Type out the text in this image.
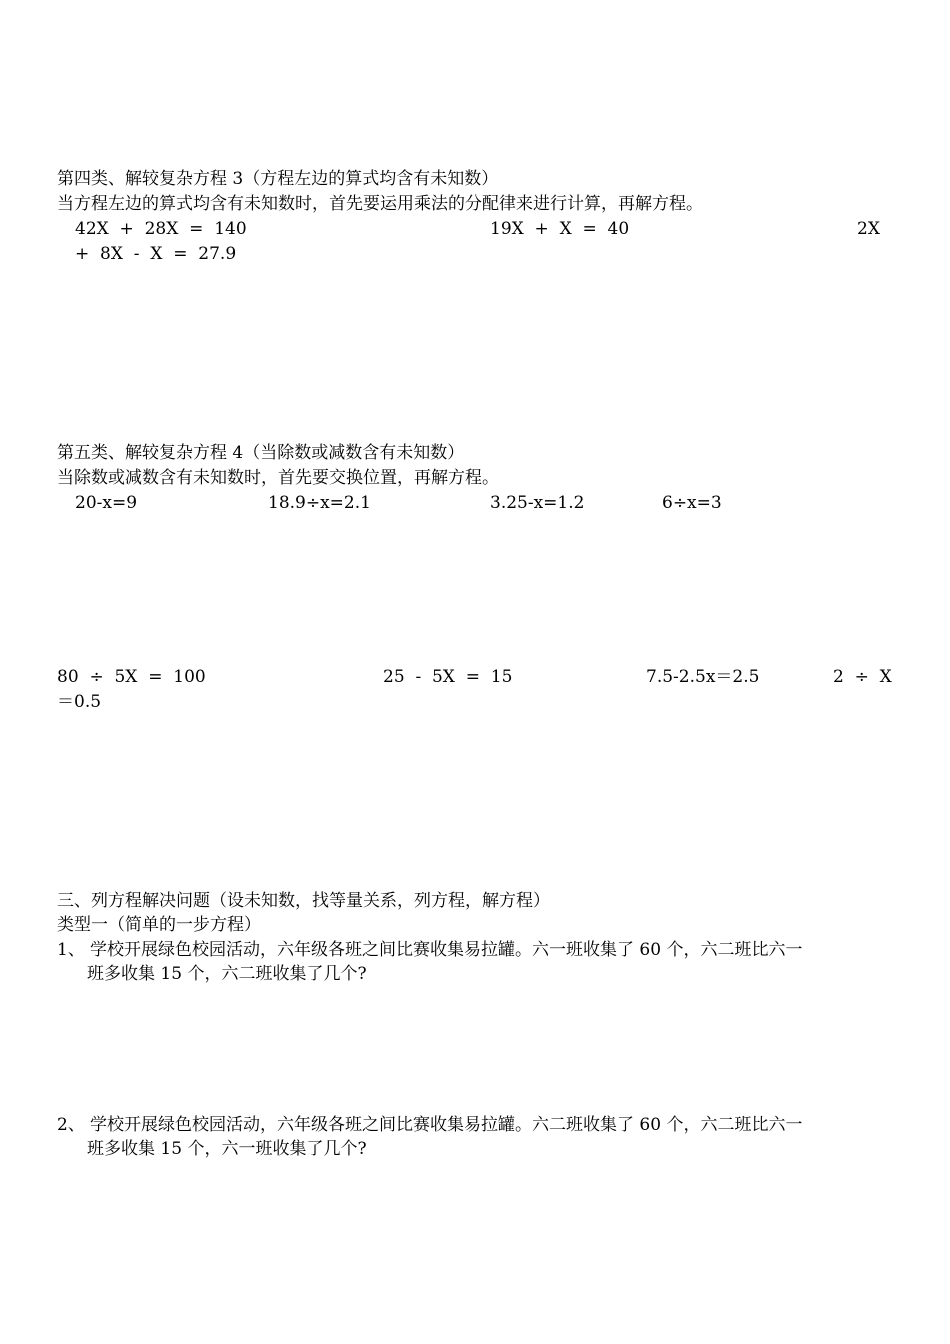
第四类、解较复杂方程 3（方程左边的算式均含有未知数）
当方程左边的算式均含有未知数时，首先要运用乘法的分配律来进行计算，再解方程。
42X  +  28X  =  140	19X  +  X  =  40	2X
+  8X  -  X  =  27.9
第五类、解较复杂方程 4（当除数或减数含有未知数）
当除数或减数含有未知数时，首先要交换位置，再解方程。
20-x=9	18.9÷x=2.1	3.25-x=1.2	6÷x=3
80  ÷  5X  =  100	25  -  5X  =  15	7.5-2.5x＝2.5	2  ÷  X
＝0.5
三、列方程解决问题（设未知数，找等量关系，列方程，解方程）
类型一（简单的一步方程）
1、 学校开展绿色校园活动，六年级各班之间比赛收集易拉罐。六一班收集了 60 个，六二班比六一
班多收集 15 个，六二班收集了几个?
2、 学校开展绿色校园活动，六年级各班之间比赛收集易拉罐。六二班收集了 60 个，六二班比六一
班多收集 15 个，六一班收集了几个?
